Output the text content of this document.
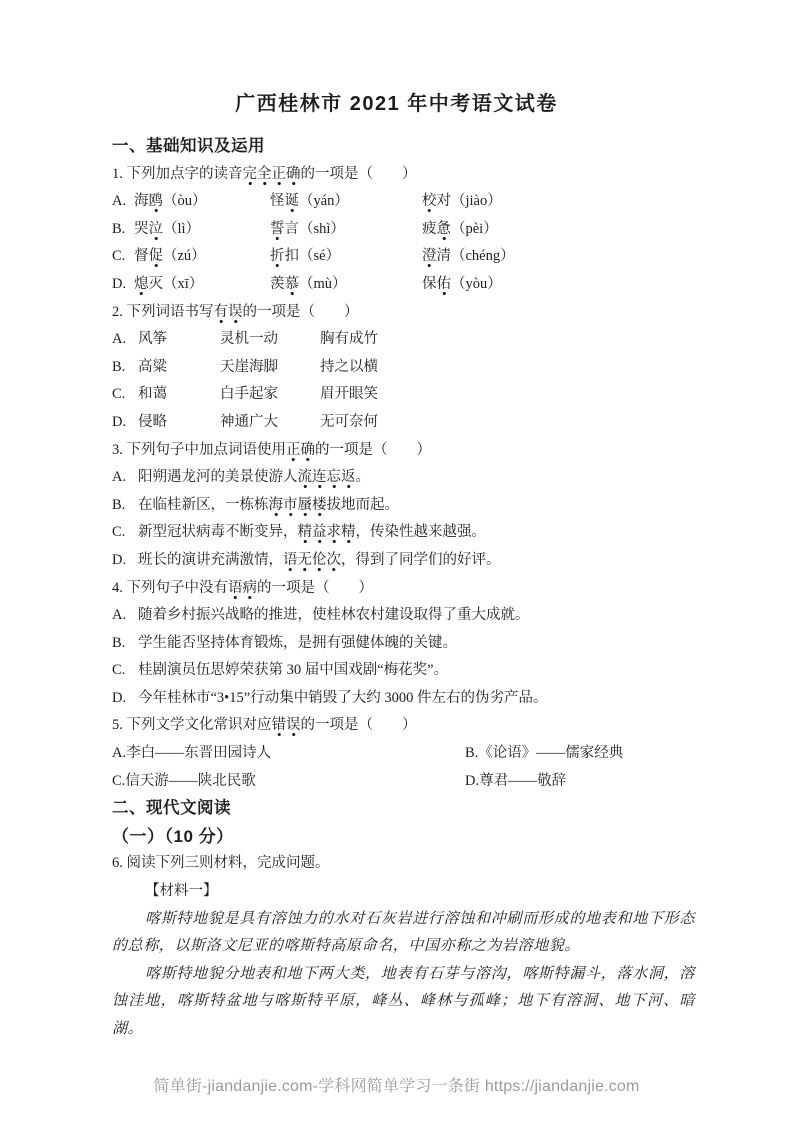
广西桂林市 2021 年中考语文试卷
一、基础知识及运用
1. 下列加点字的读音完全正确的一项是（　　）
A. 海鸥（òu）	怪诞（yán）	校对（jiào）
B. 哭泣（lì）	誓言（shì）	疲惫（pèi）
C. 督促（zú）	折扣（sé）	澄清（chéng）
D. 熄灭（xī）	羡慕（mù）	保佑（yòu）
2. 下列词语书写有误的一项是（　　）
A. 风筝	灵机一动	胸有成竹
B. 高粱	天崖海脚	持之以横
C. 和蔼	白手起家	眉开眼笑
D. 侵略	神通广大	无可奈何
3. 下列句子中加点词语使用正确的一项是（　　）
A. 阳朔遇龙河的美景使游人流连忘返。
B. 在临桂新区，一栋栋海市蜃楼拔地而起。
C. 新型冠状病毒不断变异，精益求精，传染性越来越强。
D. 班长的演讲充满激情，语无伦次，得到了同学们的好评。
4. 下列句子中没有语病的一项是（　　）
A. 随着乡村振兴战略的推进，使桂林农村建设取得了重大成就。
B. 学生能否坚持体育锻炼，是拥有强健体魄的关键。
C. 桂剧演员伍思婷荣获第 30 届中国戏剧“梅花奖”。
D. 今年桂林市“3•15”行动集中销毁了大约 3000 件左右的伪劣产品。
5. 下列文学文化常识对应错误的一项是（　　）
A. 李白——东晋田园诗人	B. 《论语》——儒家经典
C. 信天游——陕北民歌	D. 尊君——敬辞
二、现代文阅读
（一）（10 分）
6. 阅读下列三则材料，完成问题。
【材料一】
喀斯特地貌是具有溶蚀力的水对石灰岩进行溶蚀和冲刷而形成的地表和地下形态的总称，以斯洛文尼亚的喀斯特高原命名，中国亦称之为岩溶地貌。
喀斯特地貌分地表和地下两大类，地表有石芽与溶沟，喀斯特漏斗，落水洞，溶蚀洼地，喀斯特盆地与喀斯特平原，峰丛、峰林与孤峰；地下有溶洞、地下河、暗湖。
简单街-jiandanjie.com-学科网简单学习一条街 https://jiandanjie.com
